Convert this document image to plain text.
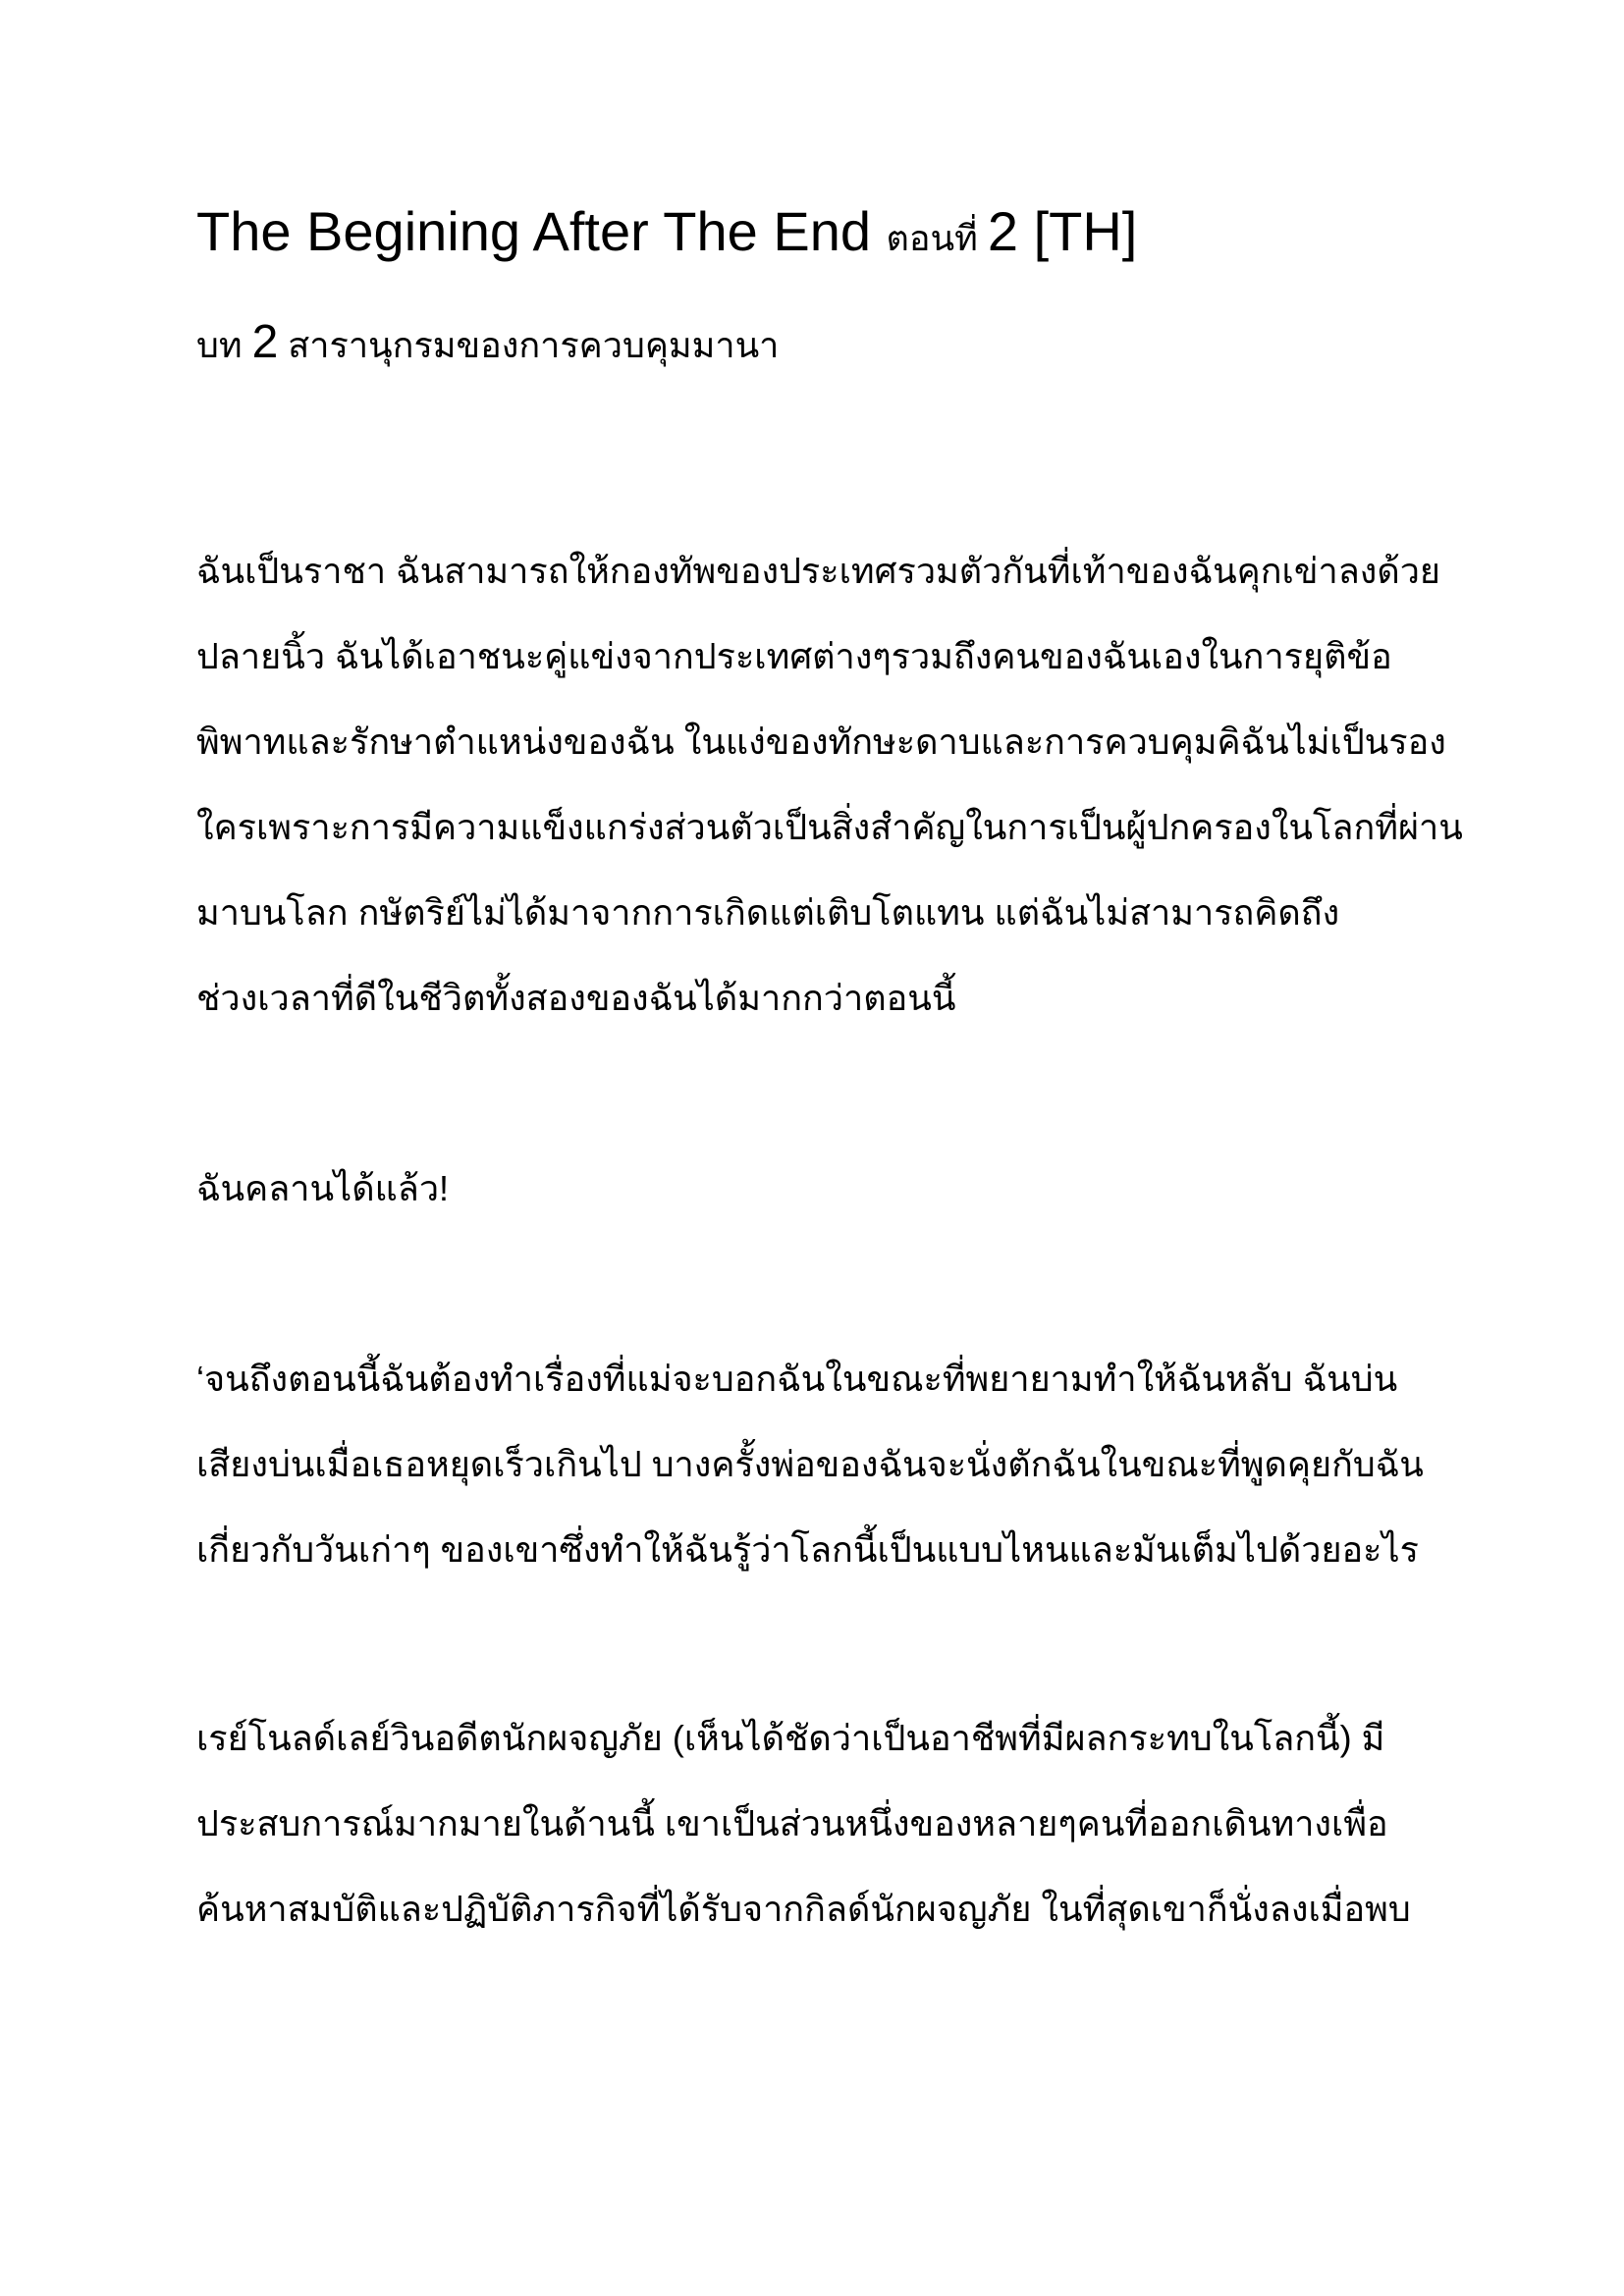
The Begining After The End ตอนที่ 2 [TH]
บท 2 สารานุกรมของการควบคุมมานา

ฉันเป็นราชา ฉันสามารถให้กองทัพของประเทศรวมตัวกันที่เท้าของฉันคุกเข่าลงด้วย
ปลายนิ้ว ฉันได้เอาชนะคู่แข่งจากประเทศต่างๆรวมถึงคนของฉันเองในการยุติข้อ
พิพาทและรักษาตำแหน่งของฉัน ในแง่ของทักษะดาบและการควบคุมคิฉันไม่เป็นรอง
ใครเพราะการมีความแข็งแกร่งส่วนตัวเป็นสิ่งสำคัญในการเป็นผู้ปกครองในโลกที่ผ่าน
มาบนโลก กษัตริย์ไม่ได้มาจากการเกิดแต่เติบโตแทน แต่ฉันไม่สามารถคิดถึง
ช่วงเวลาที่ดีในชีวิตทั้งสองของฉันได้มากกว่าตอนนี้

ฉันคลานได้แล้ว!

‘จนถึงตอนนี้ฉันต้องทำเรื่องที่แม่จะบอกฉันในขณะที่พยายามทำให้ฉันหลับ ฉันบ่น
เสียงบ่นเมื่อเธอหยุดเร็วเกินไป บางครั้งพ่อของฉันจะนั่งตักฉันในขณะที่พูดคุยกับฉัน
เกี่ยวกับวันเก่าๆ ของเขาซึ่งทำให้ฉันรู้ว่าโลกนี้เป็นแบบไหนและมันเต็มไปด้วยอะไร

เรย์โนลด์เลย์วินอดีตนักผจญภัย (เห็นได้ชัดว่าเป็นอาชีพที่มีผลกระทบในโลกนี้) มี
ประสบการณ์มากมายในด้านนี้ เขาเป็นส่วนหนึ่งของหลายๆคนที่ออกเดินทางเพื่อ
ค้นหาสมบัติและปฏิบัติภารกิจที่ได้รับจากกิลด์นักผจญภัย ในที่สุดเขาก็นั่งลงเมื่อพบ
